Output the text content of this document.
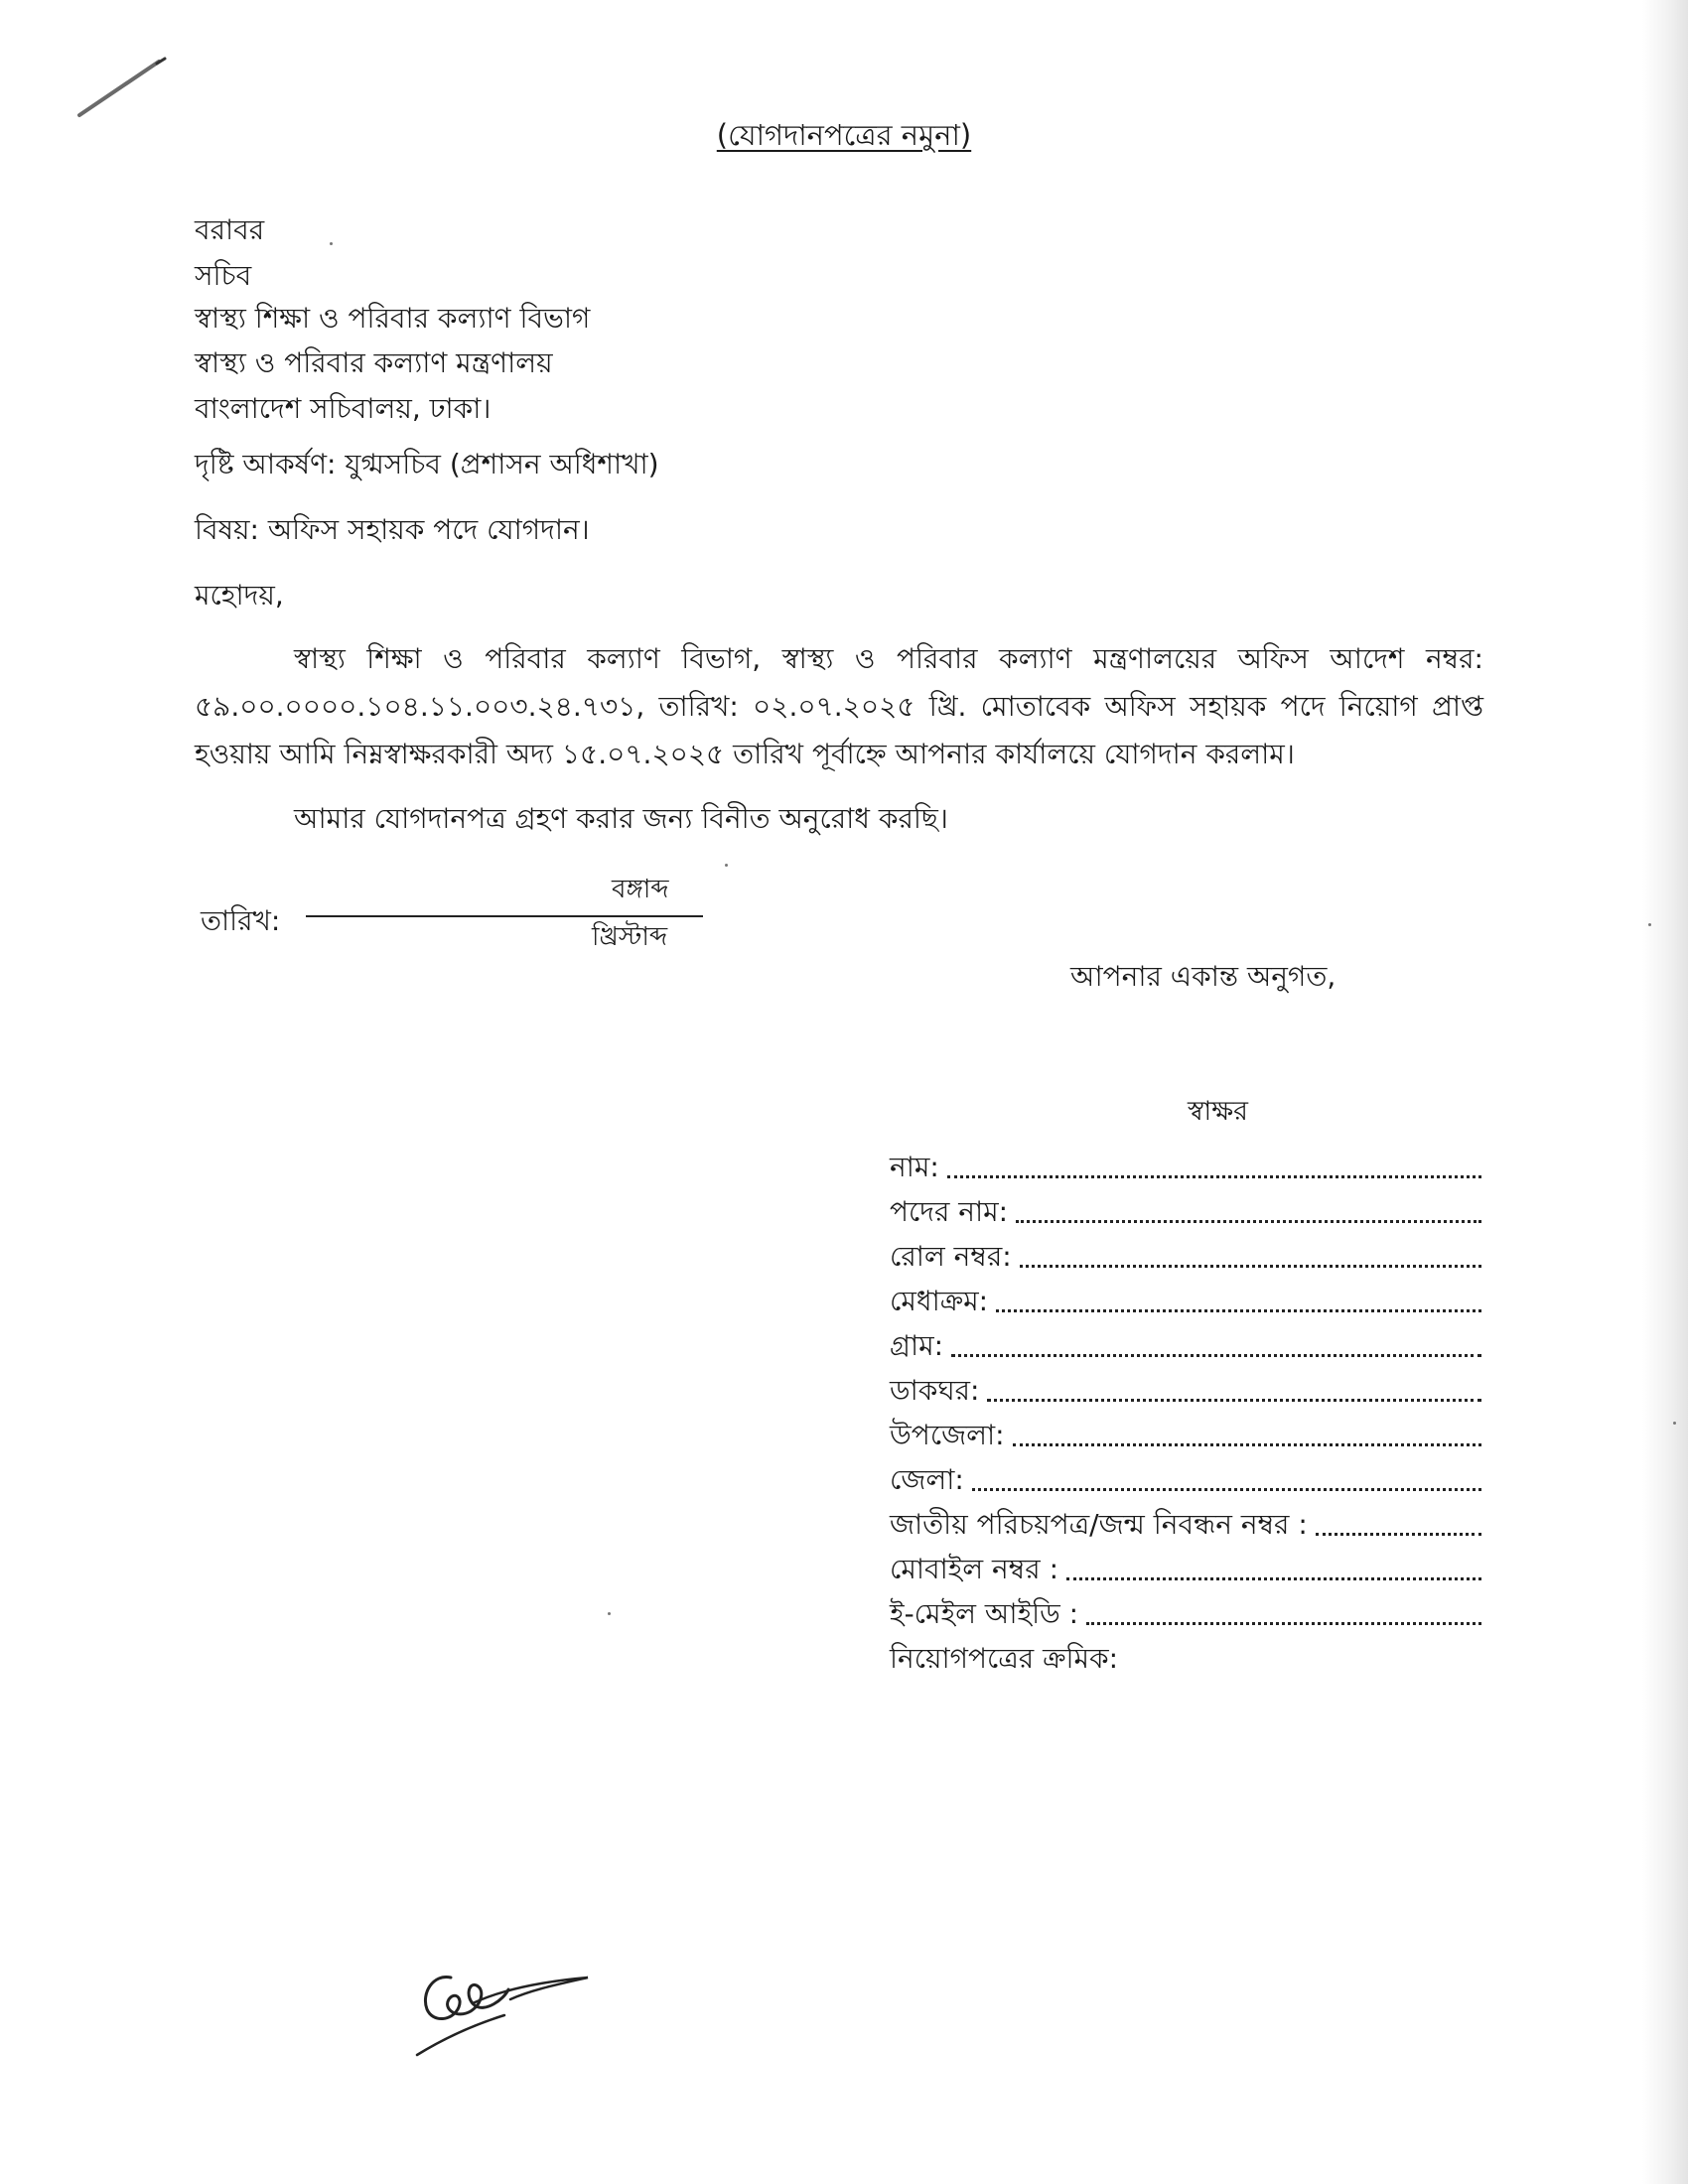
(যোগদানপত্রের নমুনা)
বরাবর
সচিব
স্বাস্থ্য শিক্ষা ও পরিবার কল্যাণ বিভাগ
স্বাস্থ্য ও পরিবার কল্যাণ মন্ত্রণালয়
বাংলাদেশ সচিবালয়, ঢাকা।
দৃষ্টি আকর্ষণ: যুগ্মসচিব (প্রশাসন অধিশাখা)
বিষয়: অফিস সহায়ক পদে যোগদান।
মহোদয়,
স্বাস্থ্য শিক্ষা ও পরিবার কল্যাণ বিভাগ, স্বাস্থ্য ও পরিবার কল্যাণ মন্ত্রণালয়ের অফিস আদেশ নম্বর: ৫৯.০০.০০০০.১০৪.১১.০০৩.২৪.৭৩১, তারিখ: ০২.০৭.২০২৫ খ্রি. মোতাবেক অফিস সহায়ক পদে নিয়োগ প্রাপ্ত হওয়ায় আমি নিম্নস্বাক্ষরকারী অদ্য ১৫.০৭.২০২৫ তারিখ পূর্বাহ্নে আপনার কার্যালয়ে যোগদান করলাম।
আমার যোগদানপত্র গ্রহণ করার জন্য বিনীত অনুরোধ করছি।
তারিখ:
বঙ্গাব্দ
খ্রিস্টাব্দ
আপনার একান্ত অনুগত,
স্বাক্ষর
নাম:
পদের নাম:
রোল নম্বর:
মেধাক্রম:
গ্রাম:
ডাকঘর:
উপজেলা:
জেলা:
জাতীয় পরিচয়পত্র/জন্ম নিবন্ধন নম্বর :
মোবাইল নম্বর :
ই-মেইল আইডি :
নিয়োগপত্রের ক্রমিক:
